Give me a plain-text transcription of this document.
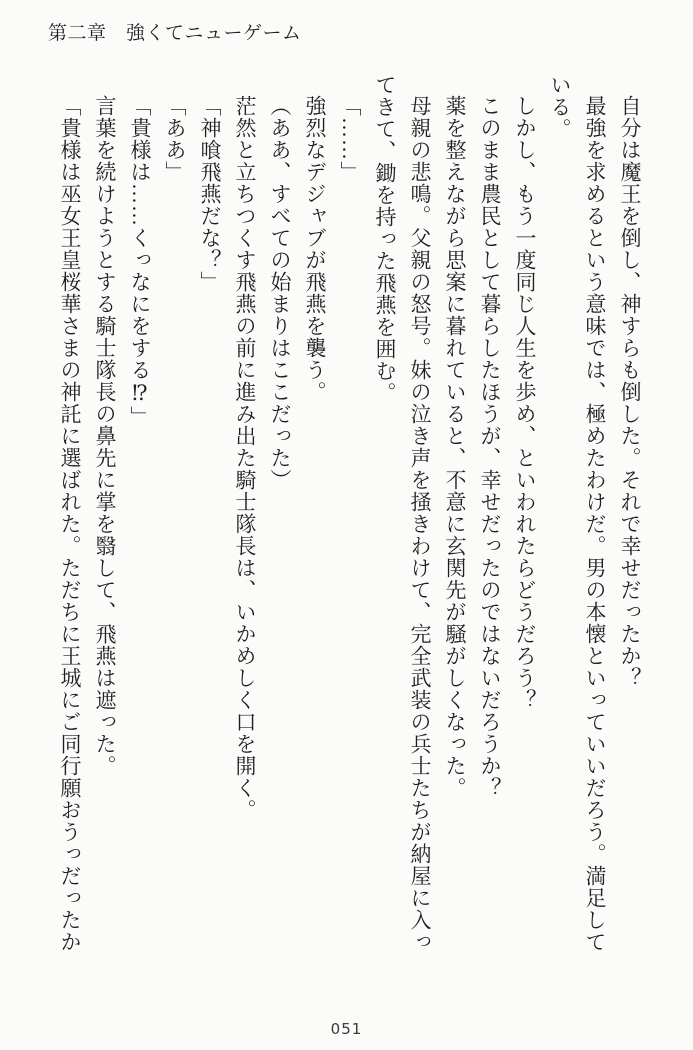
第二章　強くてニューゲーム

自分は魔王を倒し、神すらも倒した。それで幸せだったか？

最強を求めるという意味では、極めたわけだ。男の本懐といっていいだろう。満足している。

しかし、もう一度同じ人生を歩め、といわれたらどうだろう？

このまま農民として暮らしたほうが、幸せだったのではないだろうか？

薬を整えながら思案に暮れていると、不意に玄関先が騒がしくなった。

母親の悲鳴。父親の怒号。妹の泣き声を掻きわけて、完全武装の兵士たちが納屋に入ってきて、鋤を持った飛燕を囲む。

「……」

強烈なデジャブが飛燕を襲う。

（ああ、すべての始まりはここだった）

茫然と立ちつくす飛燕の前に進み出た騎士隊長は、いかめしく口を開く。

「神喰飛燕だな？」

「ああ」

「貴様は……くっなにをする⁉」

言葉を続けようとする騎士隊長の鼻先に掌を翳して、飛燕は遮った。

「貴様は巫女王皇桜華さまの神託に選ばれた。ただちに王城にご同行願おうっだったか

051
